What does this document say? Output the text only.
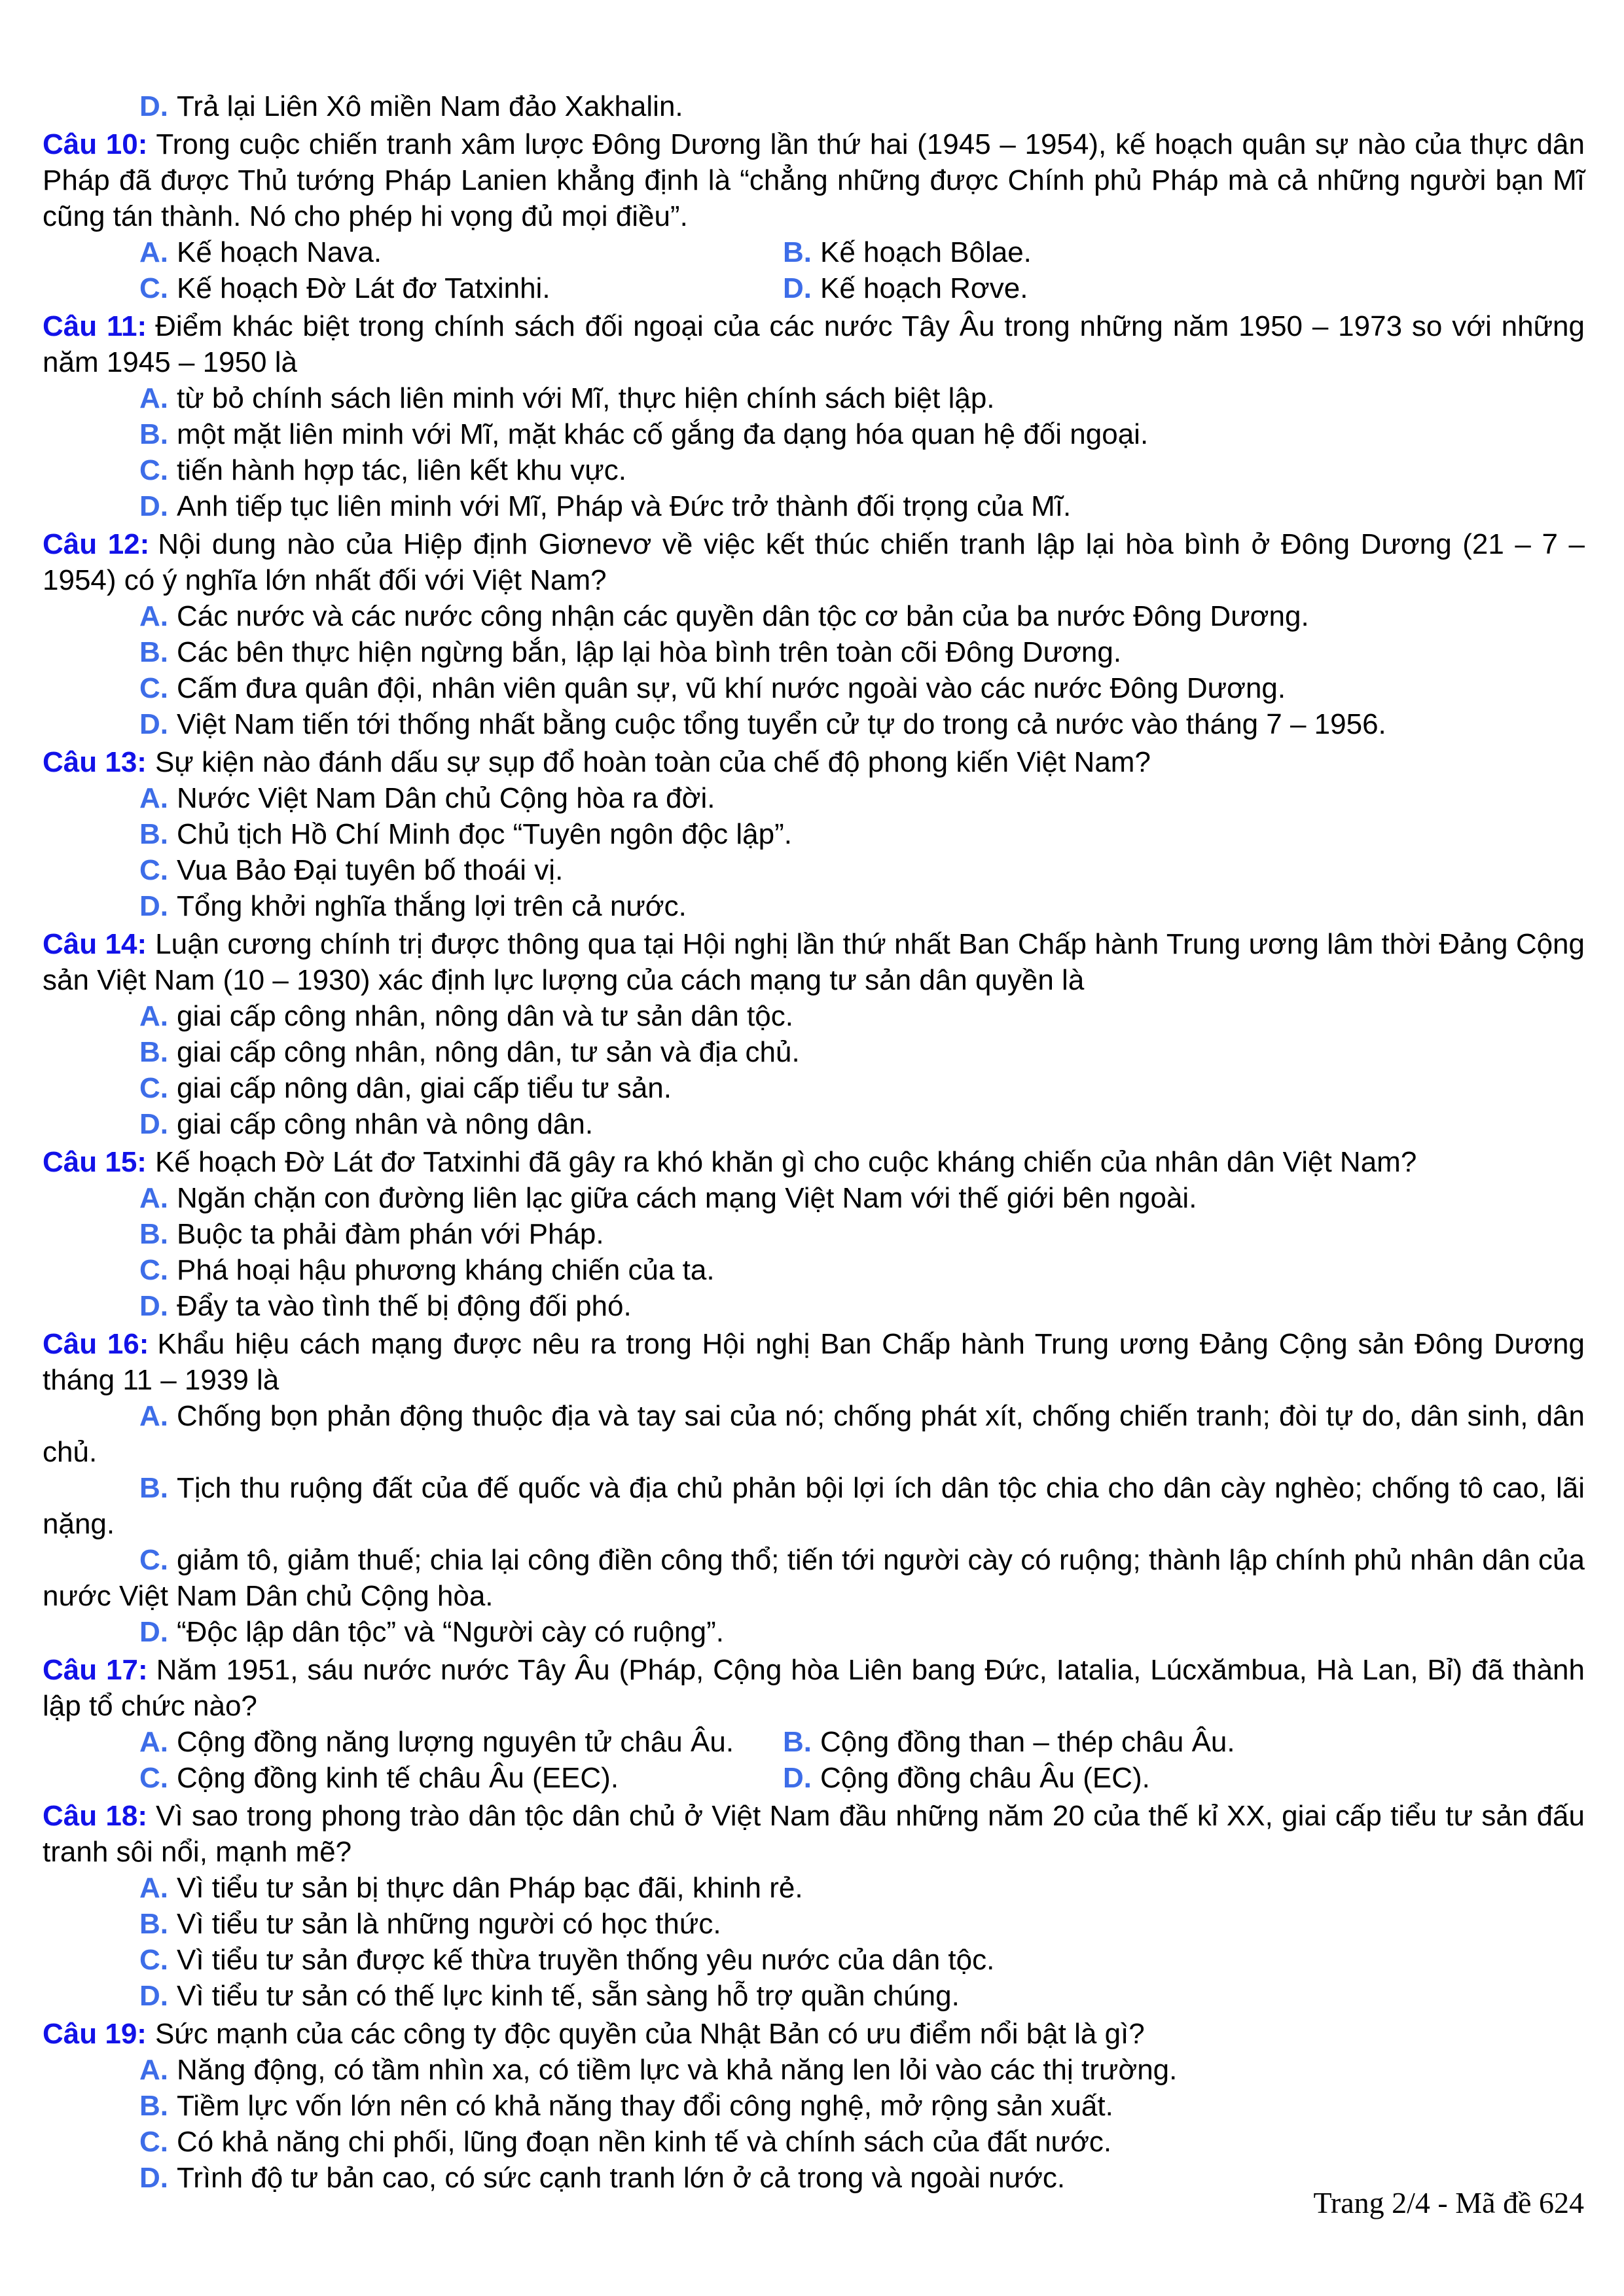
D. Trả lại Liên Xô miền Nam đảo Xakhalin.

Câu 10: Trong cuộc chiến tranh xâm lược Đông Dương lần thứ hai (1945 – 1954), kế hoạch quân sự nào của thực dân Pháp đã được Thủ tướng Pháp Lanien khẳng định là “chẳng những được Chính phủ Pháp mà cả những người bạn Mĩ cũng tán thành. Nó cho phép hi vọng đủ mọi điều”.

A. Kế hoạch Nava.	B. Kế hoạch Bôlae.

C. Kế hoạch Đờ Lát đơ Tatxinhi.	D. Kế hoạch Rơve.

Câu 11: Điểm khác biệt trong chính sách đối ngoại của các nước Tây Âu trong những năm 1950 – 1973 so với những năm 1945 – 1950 là

A. từ bỏ chính sách liên minh với Mĩ, thực hiện chính sách biệt lập.

B. một mặt liên minh với Mĩ, mặt khác cố gắng đa dạng hóa quan hệ đối ngoại.

C. tiến hành hợp tác, liên kết khu vực.

D. Anh tiếp tục liên minh với Mĩ, Pháp và Đức trở thành đối trọng của Mĩ.

Câu 12: Nội dung nào của Hiệp định Giơnevơ về việc kết thúc chiến tranh lập lại hòa bình ở Đông Dương (21 – 7 – 1954) có ý nghĩa lớn nhất đối với Việt Nam?

A. Các nước và các nước công nhận các quyền dân tộc cơ bản của ba nước Đông Dương.

B. Các bên thực hiện ngừng bắn, lập lại hòa bình trên toàn cõi Đông Dương.

C. Cấm đưa quân đội, nhân viên quân sự, vũ khí nước ngoài vào các nước Đông Dương.

D. Việt Nam tiến tới thống nhất bằng cuộc tổng tuyển cử tự do trong cả nước vào tháng 7 – 1956.

Câu 13: Sự kiện nào đánh dấu sự sụp đổ hoàn toàn của chế độ phong kiến Việt Nam?

A. Nước Việt Nam Dân chủ Cộng hòa ra đời.

B. Chủ tịch Hồ Chí Minh đọc “Tuyên ngôn độc lập”.

C. Vua Bảo Đại tuyên bố thoái vị.

D. Tổng khởi nghĩa thắng lợi trên cả nước.

Câu 14: Luận cương chính trị được thông qua tại Hội nghị lần thứ nhất Ban Chấp hành Trung ương lâm thời Đảng Cộng sản Việt Nam (10 – 1930) xác định lực lượng của cách mạng tư sản dân quyền là

A. giai cấp công nhân, nông dân và tư sản dân tộc.

B. giai cấp công nhân, nông dân, tư sản và địa chủ.

C. giai cấp nông dân, giai cấp tiểu tư sản.

D. giai cấp công nhân và nông dân.

Câu 15: Kế hoạch Đờ Lát đơ Tatxinhi đã gây ra khó khăn gì cho cuộc kháng chiến của nhân dân Việt Nam?

A. Ngăn chặn con đường liên lạc giữa cách mạng Việt Nam với thế giới bên ngoài.

B. Buộc ta phải đàm phán với Pháp.

C. Phá hoại hậu phương kháng chiến của ta.

D. Đẩy ta vào tình thế bị động đối phó.

Câu 16: Khẩu hiệu cách mạng được nêu ra trong Hội nghị Ban Chấp hành Trung ương Đảng Cộng sản Đông Dương tháng 11 – 1939 là

A. Chống bọn phản động thuộc địa và tay sai của nó; chống phát xít, chống chiến tranh; đòi tự do, dân sinh, dân chủ.

B. Tịch thu ruộng đất của đế quốc và địa chủ phản bội lợi ích dân tộc chia cho dân cày nghèo; chống tô cao, lãi nặng.

C. giảm tô, giảm thuế; chia lại công điền công thổ; tiến tới người cày có ruộng; thành lập chính phủ nhân dân của nước Việt Nam Dân chủ Cộng hòa.

D. “Độc lập dân tộc” và “Người cày có ruộng”.

Câu 17: Năm 1951, sáu nước nước Tây Âu (Pháp, Cộng hòa Liên bang Đức, Iatalia, Lúcxămbua, Hà Lan, Bỉ) đã thành lập tổ chức nào?

A. Cộng đồng năng lượng nguyên tử châu Âu.	B. Cộng đồng than – thép châu Âu.

C. Cộng đồng kinh tế châu Âu (EEC).	D. Cộng đồng châu Âu (EC).

Câu 18: Vì sao trong phong trào dân tộc dân chủ ở Việt Nam đầu những năm 20 của thế kỉ XX, giai cấp tiểu tư sản đấu tranh sôi nổi, mạnh mẽ?

A. Vì tiểu tư sản bị thực dân Pháp bạc đãi, khinh rẻ.

B. Vì tiểu tư sản là những người có học thức.

C. Vì tiểu tư sản được kế thừa truyền thống yêu nước của dân tộc.

D. Vì tiểu tư sản có thế lực kinh tế, sẵn sàng hỗ trợ quần chúng.

Câu 19: Sức mạnh của các công ty độc quyền của Nhật Bản có ưu điểm nổi bật là gì?

A. Năng động, có tầm nhìn xa, có tiềm lực và khả năng len lỏi vào các thị trường.

B. Tiềm lực vốn lớn nên có khả năng thay đổi công nghệ, mở rộng sản xuất.

C. Có khả năng chi phối, lũng đoạn nền kinh tế và chính sách của đất nước.

D. Trình độ tư bản cao, có sức cạnh tranh lớn ở cả trong và ngoài nước.

Trang 2/4 - Mã đề 624
